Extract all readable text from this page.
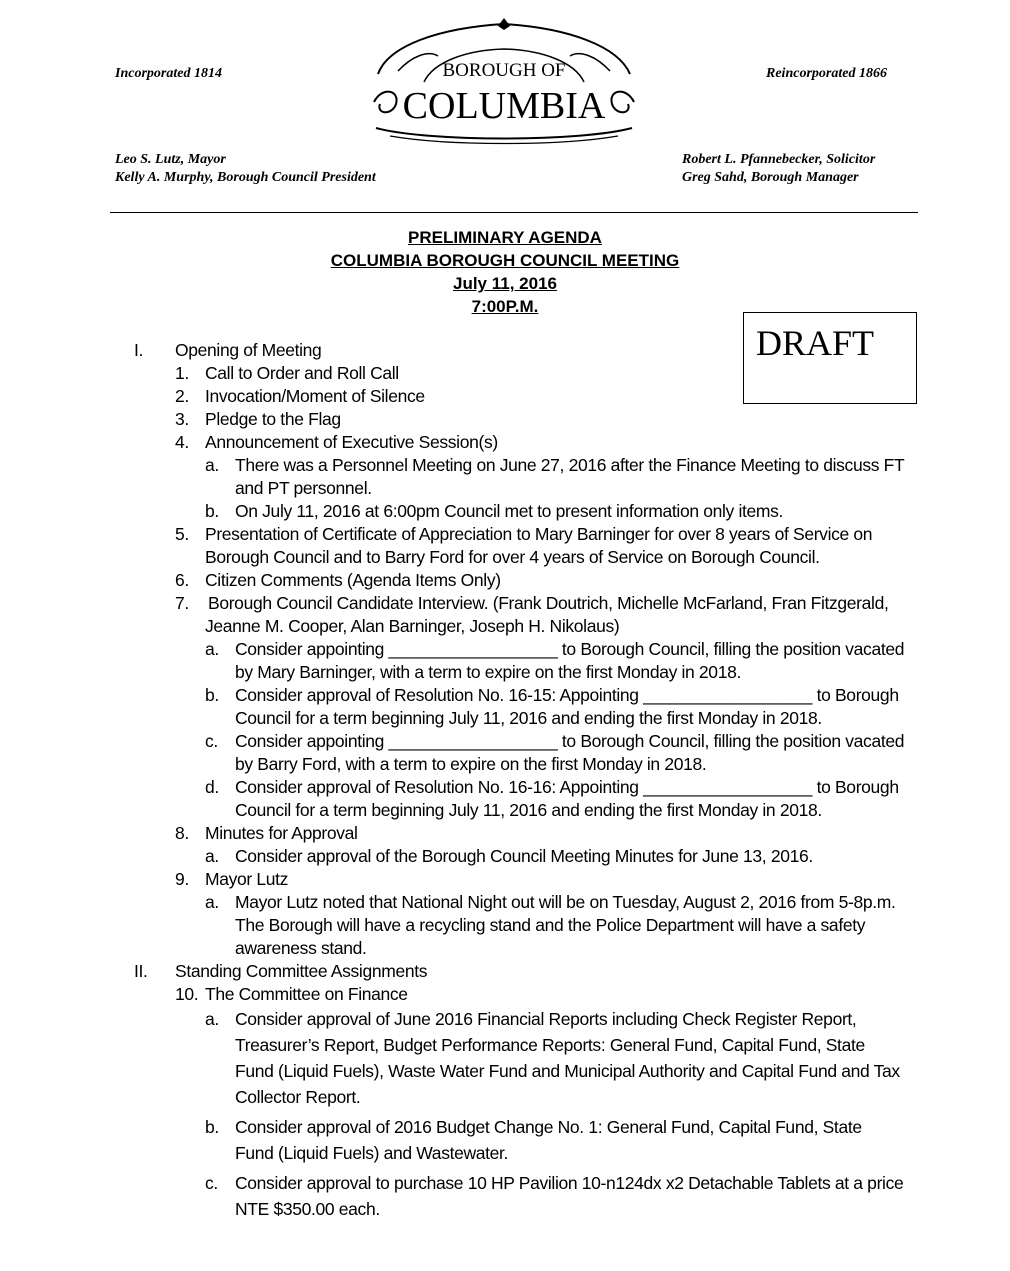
Incorporated 1814	Reincorporated 1866
BOROUGH OF
COLUMBIA
Leo S. Lutz, Mayor
Kelly A. Murphy, Borough Council President
Robert L. Pfannebecker, Solicitor
Greg Sahd, Borough Manager
PRELIMINARY AGENDA
COLUMBIA BOROUGH COUNCIL MEETING
July 11, 2016
7:00P.M.
DRAFT
I. Opening of Meeting
1. Call to Order and Roll Call
2. Invocation/Moment of Silence
3. Pledge to the Flag
4. Announcement of Executive Session(s)
a. There was a Personnel Meeting on June 27, 2016 after the Finance Meeting to discuss FT
and PT personnel.
b. On July 11, 2016 at 6:00pm Council met to present information only items.
5. Presentation of Certificate of Appreciation to Mary Barninger for over 8 years of Service on
Borough Council and to Barry Ford for over 4 years of Service on Borough Council.
6. Citizen Comments (Agenda Items Only)
7. Borough Council Candidate Interview. (Frank Doutrich, Michelle McFarland, Fran Fitzgerald,
Jeanne M. Cooper, Alan Barninger, Joseph H. Nikolaus)
a. Consider appointing __________________ to Borough Council, filling the position vacated
by Mary Barninger, with a term to expire on the first Monday in 2018.
b. Consider approval of Resolution No. 16-15: Appointing __________________ to Borough
Council for a term beginning July 11, 2016 and ending the first Monday in 2018.
c. Consider appointing __________________ to Borough Council, filling the position vacated
by Barry Ford, with a term to expire on the first Monday in 2018.
d. Consider approval of Resolution No. 16-16: Appointing __________________ to Borough
Council for a term beginning July 11, 2016 and ending the first Monday in 2018.
8. Minutes for Approval
a. Consider approval of the Borough Council Meeting Minutes for June 13, 2016.
9. Mayor Lutz
a. Mayor Lutz noted that National Night out will be on Tuesday, August 2, 2016 from 5-8p.m.
The Borough will have a recycling stand and the Police Department will have a safety
awareness stand.
II. Standing Committee Assignments
10. The Committee on Finance
a. Consider approval of June 2016 Financial Reports including Check Register Report,
Treasurer’s Report, Budget Performance Reports: General Fund, Capital Fund, State
Fund (Liquid Fuels), Waste Water Fund and Municipal Authority and Capital Fund and Tax
Collector Report.
b. Consider approval of 2016 Budget Change No. 1: General Fund, Capital Fund, State
Fund (Liquid Fuels) and Wastewater.
c. Consider approval to purchase 10 HP Pavilion 10-n124dx x2 Detachable Tablets at a price
NTE $350.00 each.
